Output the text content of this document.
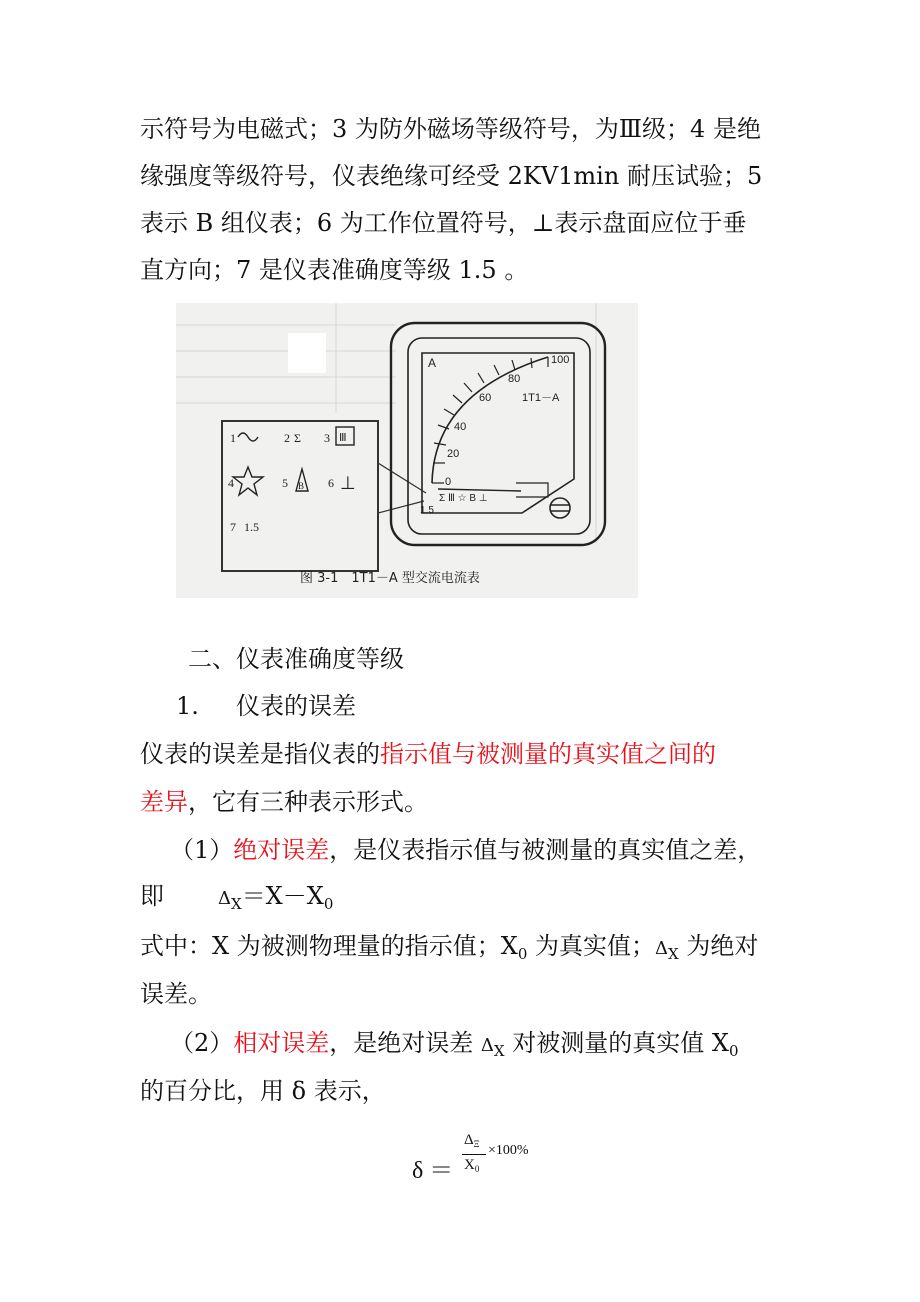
示符号为电磁式；3 为防外磁场等级符号，为Ⅲ级；4 是绝
缘强度等级符号，仪表绝缘可经受 2KV1min 耐压试验；5
表示 B 组仪表；6 为工作位置符号，⊥表示盘面应位于垂
直方向；7 是仪表准确度等级 1.5 。
1	2 Σ	Ⅲ
3
4	5 B 6 ⊥
7 1.5
0
20
40
60
80
100
A
1T1－A
1.5
Σ Ⅲ ☆ B ⊥
图 3-1　1T1－A 型交流电流表
二、仪表准确度等级
1. 仪表的误差
仪表的误差是指仪表的指示值与被测量的真实值之间的
差异，它有三种表示形式。
（1）绝对误差，是仪表指示值与被测量的真实值之差，
即	$\Delta_X=X-X_0$
式中：X 为被测物理量的指示值；$X_0$ 为真实值；$\Delta_X$ 为绝对
误差。
（2）相对误差，是绝对误差 $\Delta_X$ 对被测量的真实值 $X_0$
的百分比，用 δ 表示，
δ ＝
$\Delta_\Xi$
$X_0$
×100%
